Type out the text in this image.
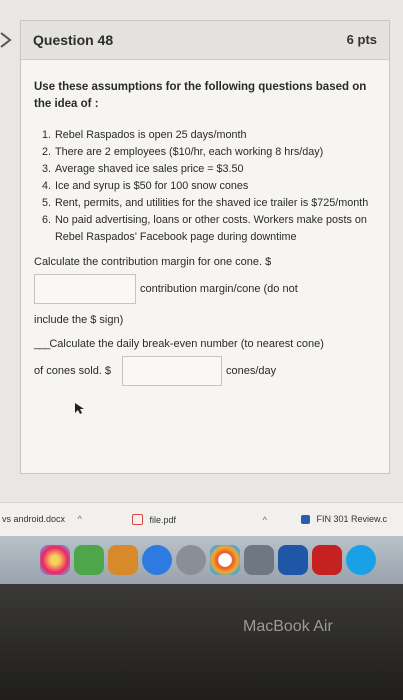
Question 48	6 pts
Use these assumptions for the following questions based on the idea of :
1. Rebel Raspados is open 25 days/month
2. There are 2 employees ($10/hr, each working 8 hrs/day)
3. Average shaved ice sales price = $3.50
4. Ice and syrup is $50 for 100 snow cones
5. Rent, permits, and utilities for the shaved ice trailer is $725/month
6. No paid advertising, loans or other costs. Workers make posts on Rebel Raspados' Facebook page during downtime
Calculate the contribution margin for one cone. $
contribution margin/cone (do not
include the $ sign)
___Calculate the daily break-even number (to nearest cone)
of cones sold. $	cones/day
vs android.docx ^	file.pdf	^	FIN 301 Review.c
MacBook Air
